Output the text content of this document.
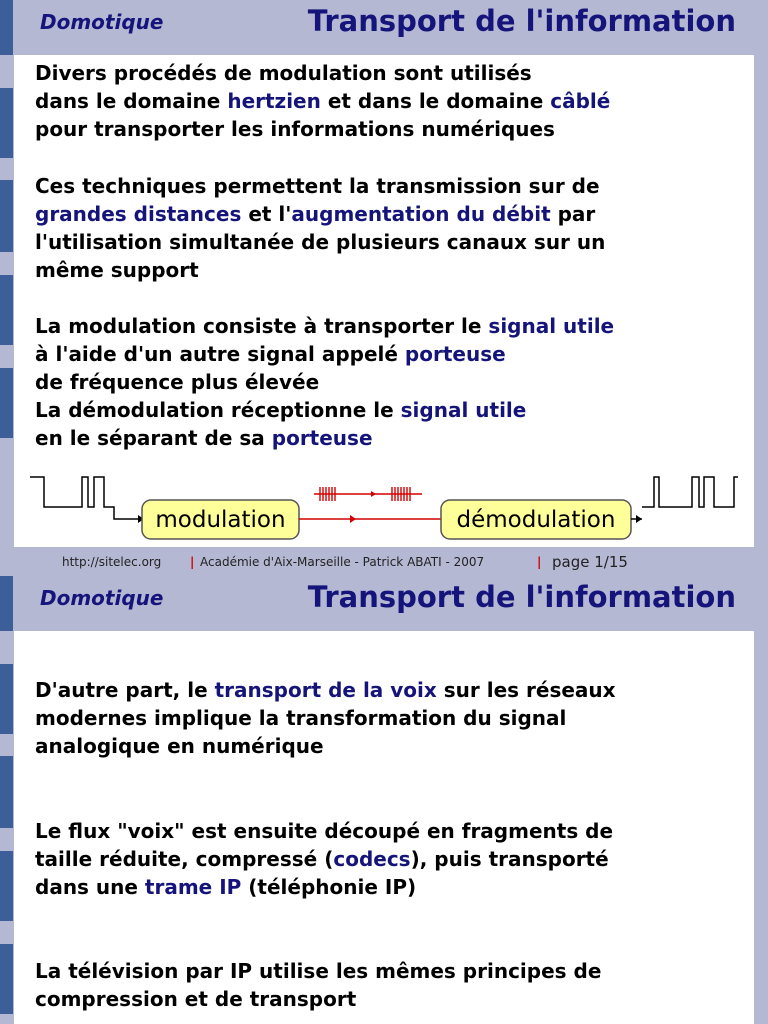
Domotique	Transport de l'information
Divers procédés de modulation sont utilisés
dans le domaine hertzien et dans le domaine câblé
pour transporter les informations numériques
Ces techniques permettent la transmission sur de
grandes distances et l'augmentation du débit par
l'utilisation simultanée de plusieurs canaux sur un
même support
La modulation consiste à transporter le signal utile
à l'aide d'un autre signal appelé porteuse
de fréquence plus élevée
La démodulation réceptionne le signal utile
en le séparant de sa porteuse
modulation	démodulation
http://sitelec.org | Académie d'Aix-Marseille - Patrick ABATI - 2007	| page 1/15
Domotique	Transport de l'information
D'autre part, le transport de la voix sur les réseaux
modernes implique la transformation du signal
analogique en numérique
Le flux "voix" est ensuite découpé en fragments de
taille réduite, compressé (codecs), puis transporté
dans une trame IP (téléphonie IP)
La télévision par IP utilise les mêmes principes de
compression et de transport
